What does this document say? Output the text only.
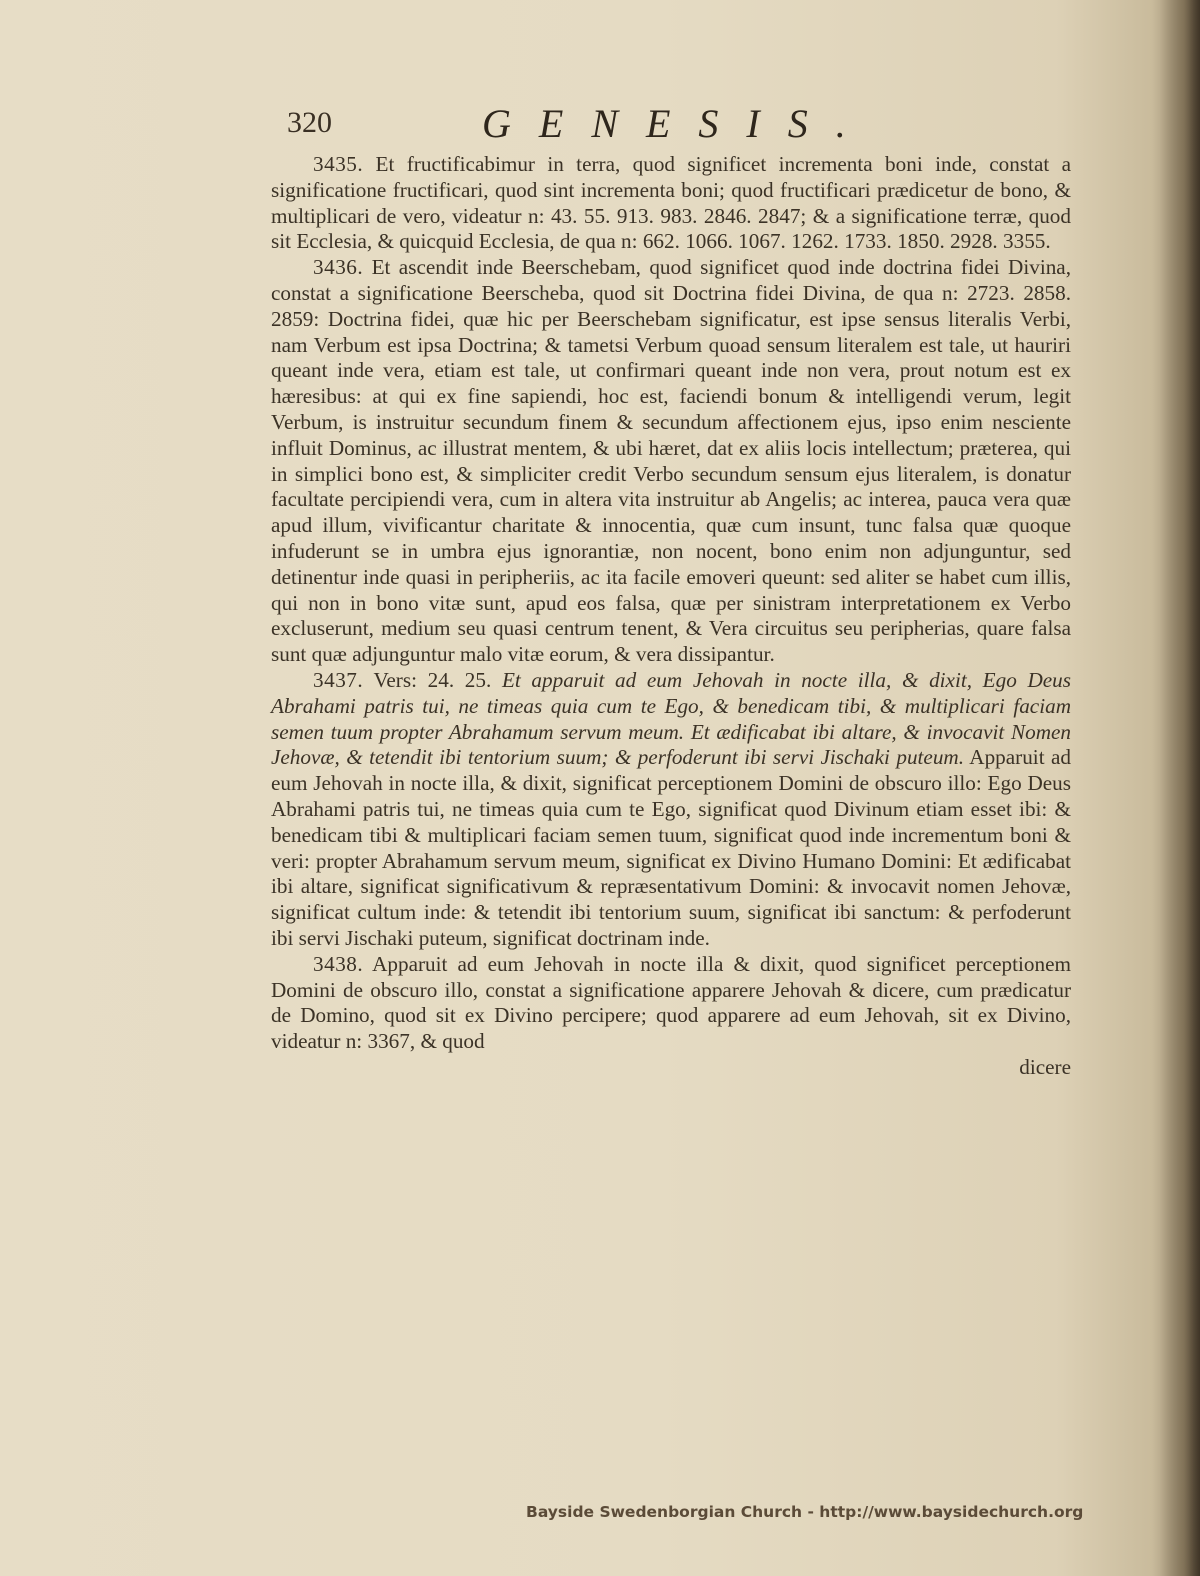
320	GENESIS.

3435. Et fructificabimur in terra, quod significet incrementa boni inde, constat a significatione fructificari, quod sint incrementa boni; quod fructificari prædicetur de bono, & multiplicari de vero, videatur n: 43. 55. 913. 983. 2846. 2847; & a significatione terræ, quod sit Ecclesia, & quicquid Ecclesia, de qua n: 662. 1066. 1067. 1262. 1733. 1850. 2928. 3355.

3436. Et ascendit inde Beerschebam, quod significet quod inde doctrina fidei Divina, constat a significatione Beerscheba, quod sit Doctrina fidei Divina, de qua n: 2723. 2858. 2859: Doctrina fidei, quæ hic per Beerschebam significatur, est ipse sensus literalis Verbi, nam Verbum est ipsa Doctrina; & tametsi Verbum quoad sensum literalem est tale, ut hauriri queant inde vera, etiam est tale, ut confirmari queant inde non vera, prout notum est ex hæresibus: at qui ex fine sapiendi, hoc est, faciendi bonum & intelligendi verum, legit Verbum, is instruitur secundum finem & secundum affectionem ejus, ipso enim nesciente influit Dominus, ac illustrat mentem, & ubi hæret, dat ex aliis locis intellectum; præterea, qui in simplici bono est, & simpliciter credit Verbo secundum sensum ejus literalem, is donatur facultate percipiendi vera, cum in altera vita instruitur ab Angelis; ac interea, pauca vera quæ apud illum, vivificantur charitate & innocentia, quæ cum insunt, tunc falsa quæ quoque infuderunt se in umbra ejus ignorantiæ, non nocent, bono enim non adjunguntur, sed detinentur inde quasi in peripheriis, ac ita facile emoveri queunt: sed aliter se habet cum illis, qui non in bono vitæ sunt, apud eos falsa, quæ per sinistram interpretationem ex Verbo excluserunt, medium seu quasi centrum tenent, & Vera circuitus seu peripherias, quare falsa sunt quæ adjunguntur malo vitæ eorum, & vera dissipantur.

3437. Vers: 24. 25. Et apparuit ad eum Jehovah in nocte illa, & dixit, Ego Deus Abrahami patris tui, ne timeas quia cum te Ego, & benedicam tibi, & multiplicari faciam semen tuum propter Abrahamum servum meum. Et ædificabat ibi altare, & invocavit Nomen Jehovæ, & tetendit ibi tentorium suum; & perfoderunt ibi servi Jischaki puteum. Apparuit ad eum Jehovah in nocte illa, & dixit, significat perceptionem Domini de obscuro illo: Ego Deus Abrahami patris tui, ne timeas quia cum te Ego, significat quod Divinum etiam esset ibi: & benedicam tibi & multiplicari faciam semen tuum, significat quod inde incrementum boni & veri: propter Abrahamum servum meum, significat ex Divino Humano Domini: Et ædificabat ibi altare, significat significativum & repræsentativum Domini: & invocavit nomen Jehovæ, significat cultum inde: & tetendit ibi tentorium suum, significat ibi sanctum: & perfoderunt ibi servi Jischaki puteum, significat doctrinam inde.

3438. Apparuit ad eum Jehovah in nocte illa & dixit, quod significet perceptionem Domini de obscuro illo, constat a significatione apparere Jehovah & dicere, cum prædicatur de Domino, quod sit ex Divino percipere; quod apparere ad eum Jehovah, sit ex Divino, videatur n: 3367, & quod

dicere

Bayside Swedenborgian Church - http://www.baysidechurch.org
